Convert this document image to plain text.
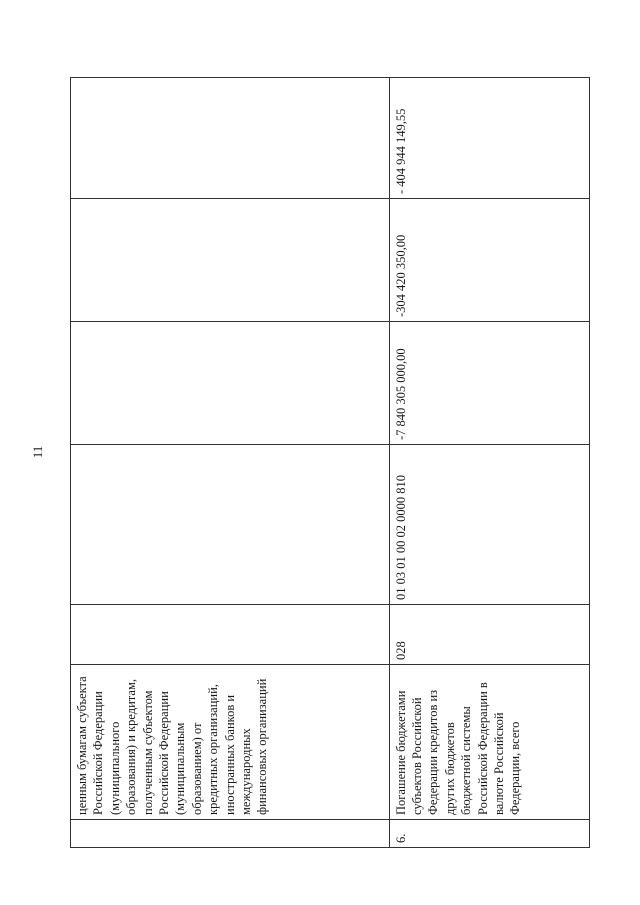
11
	ценным бумагам субъекта Российской Федерации (муниципального образования) и кредитам, полученным субъектом Российской Федерации (муниципальным образованием) от кредитных организаций, иностранных банков и международных финансовых организаций					
6.	Погашение бюджетами субъектов Российской Федерации кредитов из других бюджетов бюджетной системы Российской Федерации в валюте Российской Федерации, всего	028	01 03 01 00 02 0000 810	-7 840 305 000,00	-304 420 350,00	- 404 944 149,55
